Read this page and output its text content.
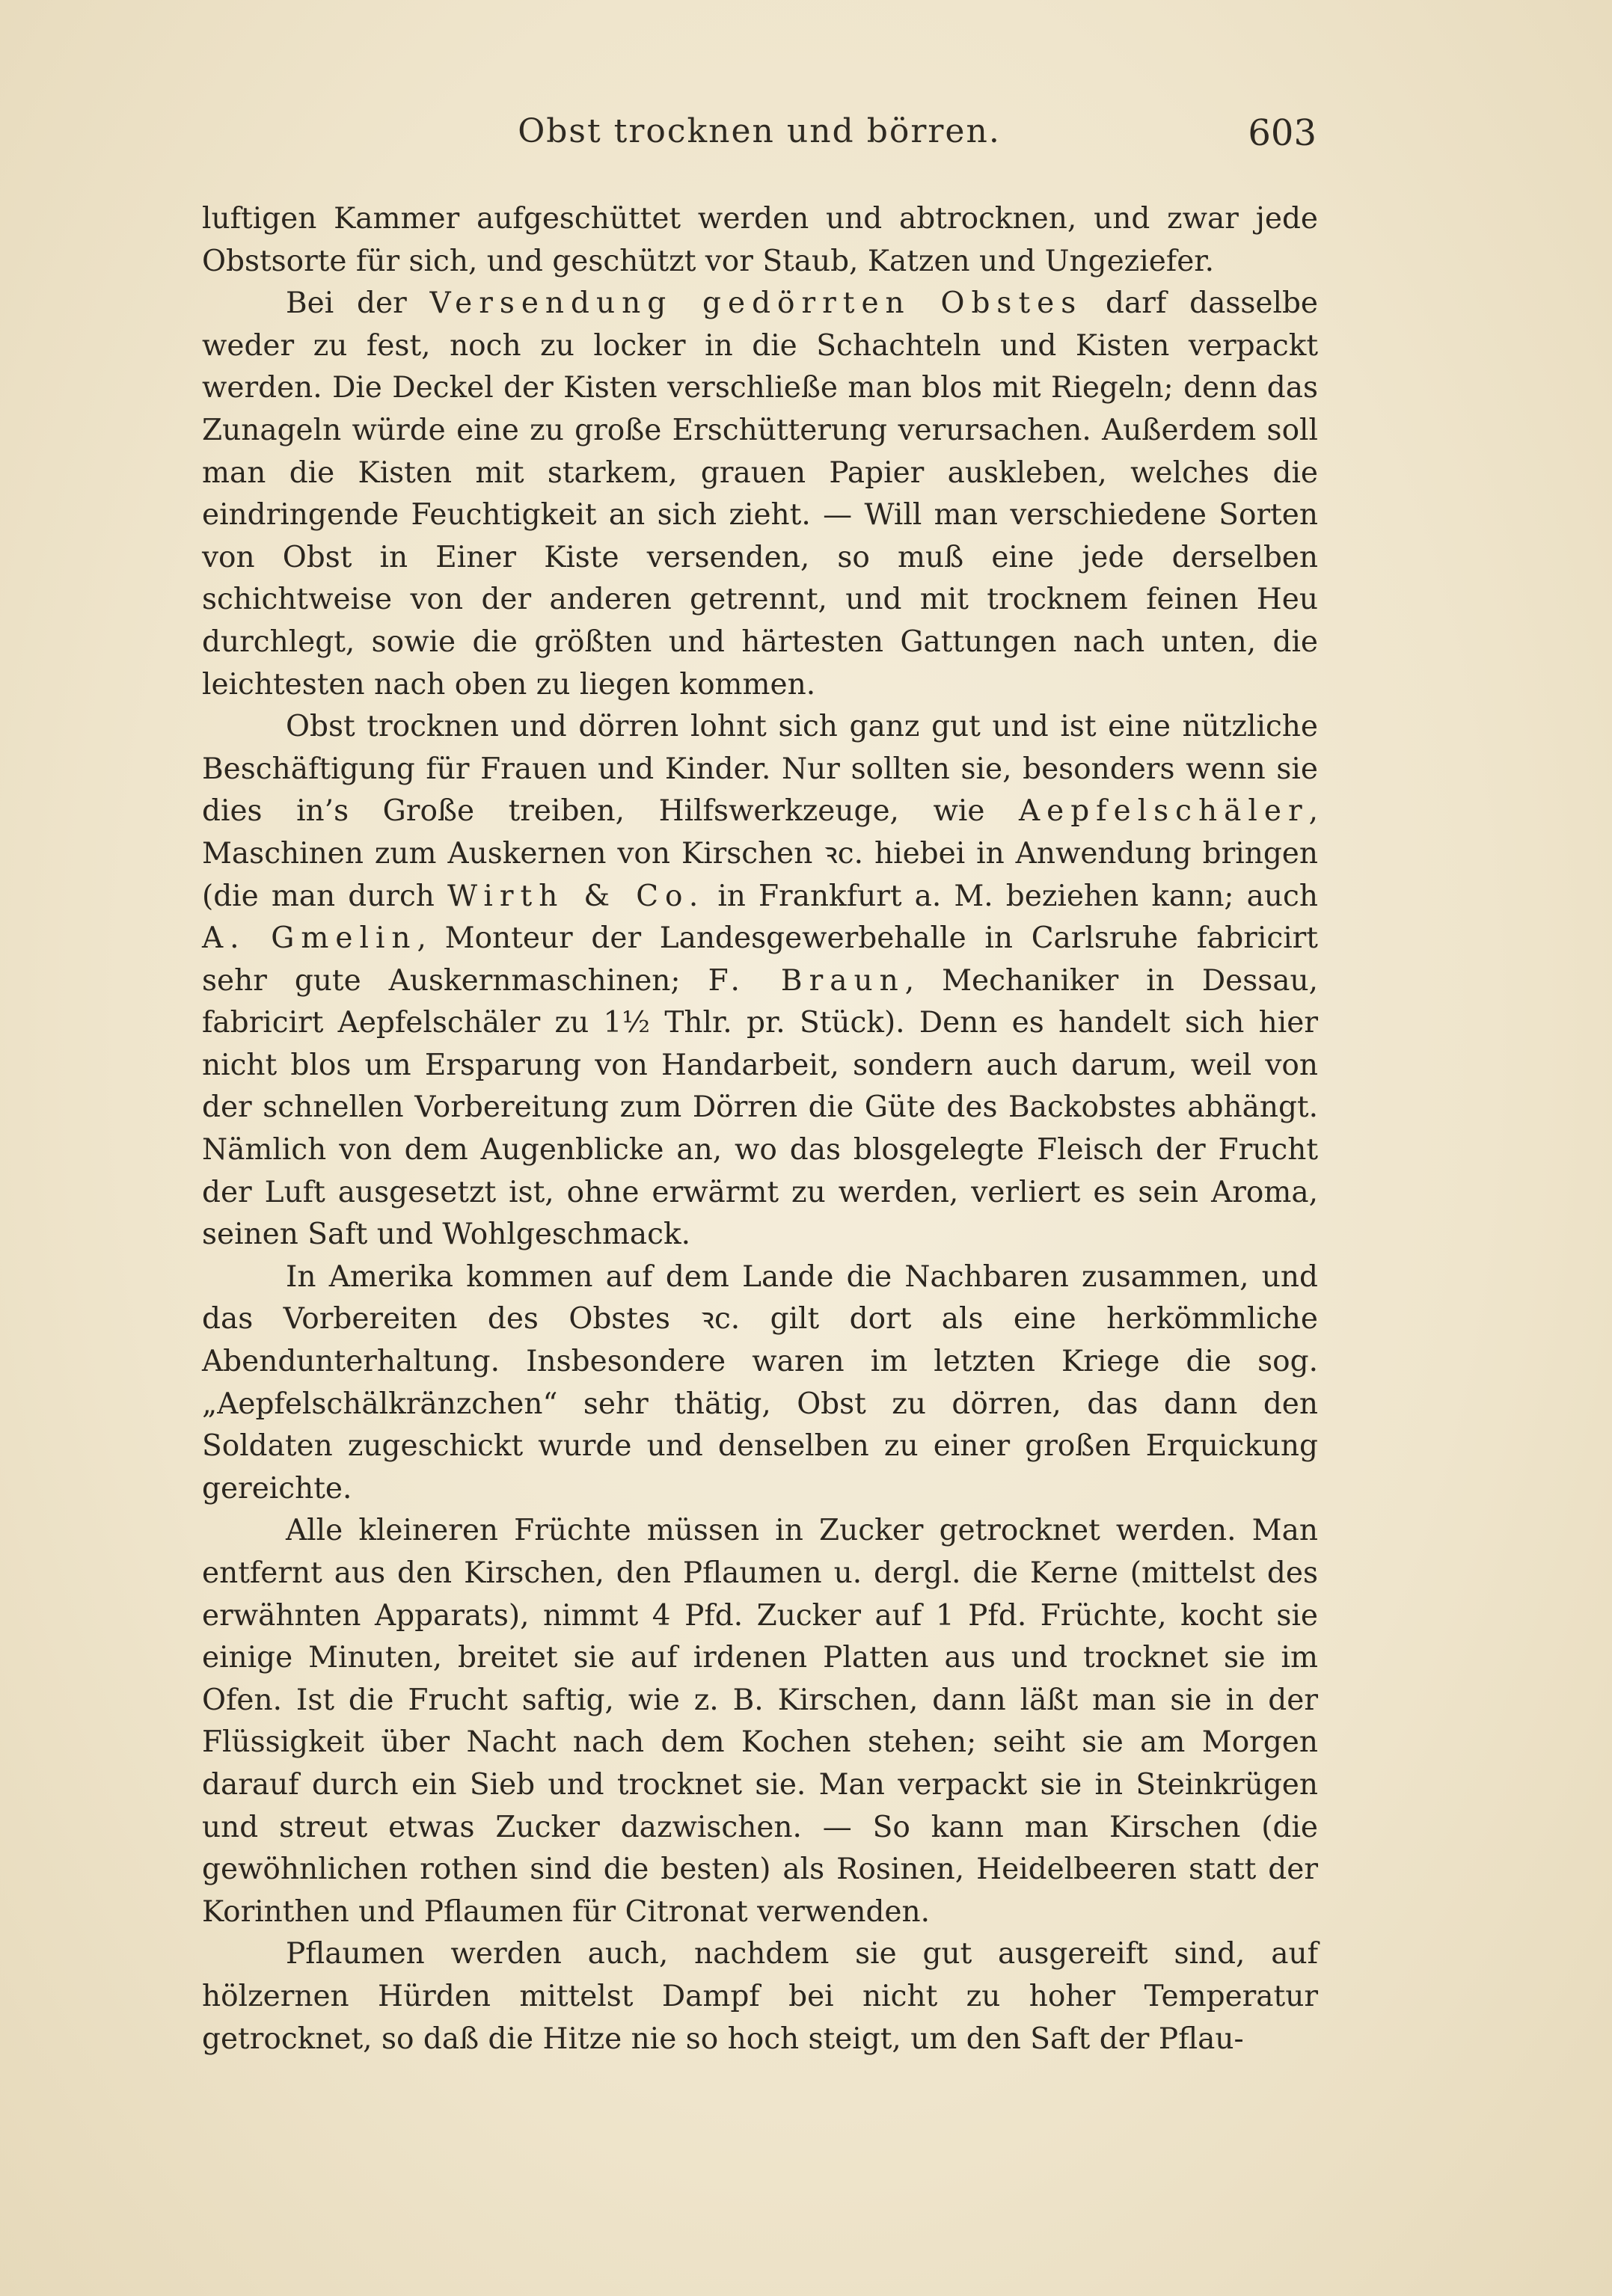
Obst trocknen und börren.	603

luftigen Kammer aufgeschüttet werden und abtrocknen, und zwar jede Obstsorte für sich, und geschützt vor Staub, Katzen und Ungeziefer.

Bei der Versendung gedörrten Obstes darf dasselbe weder zu fest, noch zu locker in die Schachteln und Kisten verpackt werden. Die Deckel der Kisten verschließe man blos mit Riegeln; denn das Zunageln würde eine zu große Erschütterung verursachen. Außerdem soll man die Kisten mit starkem, grauen Papier auskleben, welches die eindringende Feuchtigkeit an sich zieht. — Will man verschiedene Sorten von Obst in Einer Kiste versenden, so muß eine jede derselben schichtweise von der anderen getrennt, und mit trocknem feinen Heu durchlegt, sowie die größten und härtesten Gattungen nach unten, die leichtesten nach oben zu liegen kommen.

Obst trocknen und dörren lohnt sich ganz gut und ist eine nützliche Beschäftigung für Frauen und Kinder. Nur sollten sie, besonders wenn sie dies in’s Große treiben, Hilfswerkzeuge, wie Aepfelschäler, Maschinen zum Auskernen von Kirschen ꝛc. hiebei in Anwendung bringen (die man durch Wirth & Co. in Frankfurt a. M. beziehen kann; auch A. Gmelin, Monteur der Landesgewerbehalle in Carlsruhe fabricirt sehr gute Auskernmaschinen; F. Braun, Mechaniker in Dessau, fabricirt Aepfelschäler zu 1½ Thlr. pr. Stück). Denn es handelt sich hier nicht blos um Ersparung von Handarbeit, sondern auch darum, weil von der schnellen Vorbereitung zum Dörren die Güte des Backobstes abhängt. Nämlich von dem Augenblicke an, wo das blosgelegte Fleisch der Frucht der Luft ausgesetzt ist, ohne erwärmt zu werden, verliert es sein Aroma, seinen Saft und Wohlgeschmack.

In Amerika kommen auf dem Lande die Nachbaren zusammen, und das Vorbereiten des Obstes ꝛc. gilt dort als eine herkömmliche Abendunterhaltung. Insbesondere waren im letzten Kriege die sog. „Aepfelschälkränzchen“ sehr thätig, Obst zu dörren, das dann den Soldaten zugeschickt wurde und denselben zu einer großen Erquickung gereichte.

Alle kleineren Früchte müssen in Zucker getrocknet werden. Man entfernt aus den Kirschen, den Pflaumen u. dergl. die Kerne (mittelst des erwähnten Apparats), nimmt 4 Pfd. Zucker auf 1 Pfd. Früchte, kocht sie einige Minuten, breitet sie auf irdenen Platten aus und trocknet sie im Ofen. Ist die Frucht saftig, wie z. B. Kirschen, dann läßt man sie in der Flüssigkeit über Nacht nach dem Kochen stehen; seiht sie am Morgen darauf durch ein Sieb und trocknet sie. Man verpackt sie in Steinkrügen und streut etwas Zucker dazwischen. — So kann man Kirschen (die gewöhnlichen rothen sind die besten) als Rosinen, Heidelbeeren statt der Korinthen und Pflaumen für Citronat verwenden.

Pflaumen werden auch, nachdem sie gut ausgereift sind, auf hölzernen Hürden mittelst Dampf bei nicht zu hoher Temperatur getrocknet, so daß die Hitze nie so hoch steigt, um den Saft der Pflau-
